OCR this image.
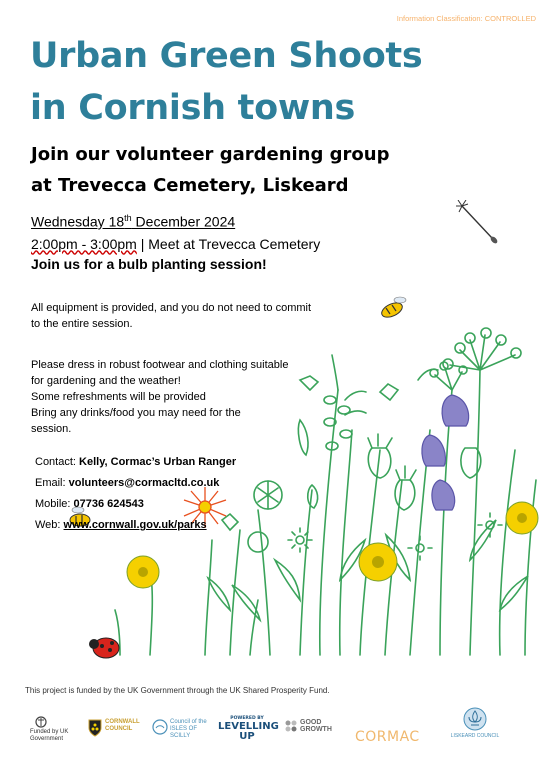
Information Classification: CONTROLLED
Urban Green Shoots
in Cornish towns
Join our volunteer gardening group
at Trevecca Cemetery, Liskeard
Wednesday 18th December 2024
2:00pm - 3:00pm | Meet at Trevecca Cemetery
Join us for a bulb planting session!
All equipment is provided, and you do not need to commit
to the entire session.
Please dress in robust footwear and clothing suitable
for gardening and the weather!
Some refreshments will be provided
Bring any drinks/food you may need for the
session.
Contact: Kelly, Cormac’s Urban Ranger
Email: volunteers@cormacltd.co.uk
Mobile: 07736 624543
Web: www.cornwall.gov.uk/parks
This project is funded by the UK Government through the UK Shared Prosperity Fund.
Funded by UK Government
CORNWALL COUNCIL
Council of the ISLES OF SCILLY
POWERED BY
LEVELLING
UP
GOOD GROWTH	CORMAC	LISKEARD COUNCIL
